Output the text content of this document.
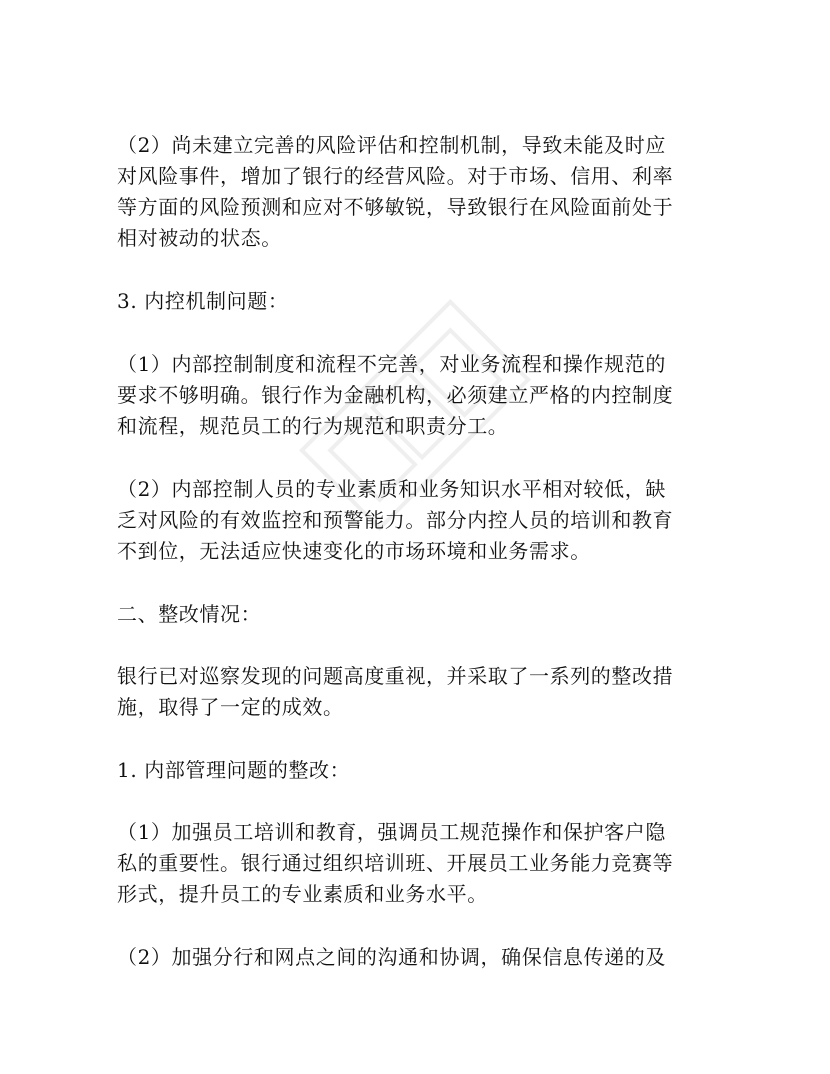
（2）尚未建立完善的风险评估和控制机制，导致未能及时应
对风险事件，增加了银行的经营风险。对于市场、信用、利率
等方面的风险预测和应对不够敏锐，导致银行在风险面前处于
相对被动的状态。
3. 内控机制问题：
（1）内部控制制度和流程不完善，对业务流程和操作规范的
要求不够明确。银行作为金融机构，必须建立严格的内控制度
和流程，规范员工的行为规范和职责分工。
（2）内部控制人员的专业素质和业务知识水平相对较低，缺
乏对风险的有效监控和预警能力。部分内控人员的培训和教育
不到位，无法适应快速变化的市场环境和业务需求。
二、整改情况：
银行已对巡察发现的问题高度重视，并采取了一系列的整改措
施，取得了一定的成效。
1. 内部管理问题的整改：
（1）加强员工培训和教育，强调员工规范操作和保护客户隐
私的重要性。银行通过组织培训班、开展员工业务能力竞赛等
形式，提升员工的专业素质和业务水平。
（2）加强分行和网点之间的沟通和协调，确保信息传递的及
